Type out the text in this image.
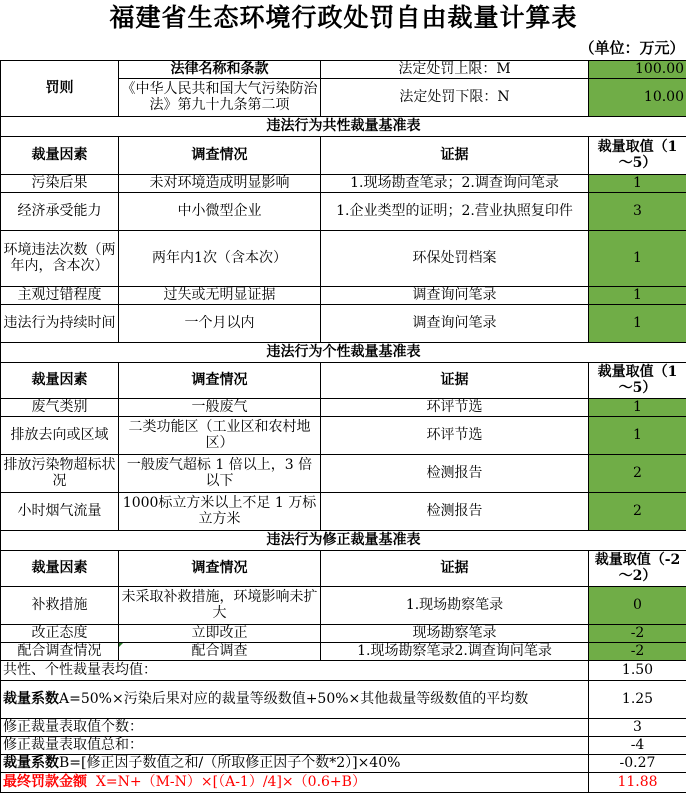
福建省生态环境行政处罚自由裁量计算表			
（单位：万元）			
罚则	法律名称和条款	法定处罚上限：M	100.00
	《中华人民共和国大气污染防治法》第九十九条第二项	法定处罚下限：N	10.00
违法行为共性裁量基准表			
裁量因素	调查情况	证据	裁量取值（1～5）
污染后果	未对环境造成明显影响	1.现场勘查笔录；2.调查询问笔录	1
经济承受能力	中小微型企业	1.企业类型的证明；2.营业执照复印件	3
环境违法次数（两年内，含本次）	两年内1次（含本次）	环保处罚档案	1
主观过错程度	过失或无明显证据	调查询问笔录	1
违法行为持续时间	一个月以内	调查询问笔录	1
违法行为个性裁量基准表			
裁量因素	调查情况	证据	裁量取值（1～5）
废气类别	一般废气	环评节选	1
排放去向或区域	二类功能区（工业区和农村地区）	环评节选	1
排放污染物超标状况	一般废气超标 1 倍以上，3 倍以下	检测报告	2
小时烟气流量	1000标立方米以上不足 1 万标立方米	检测报告	2
违法行为修正裁量基准表			
裁量因素	调查情况	证据	裁量取值（-2～2）
补救措施	未采取补救措施，环境影响未扩大	1.现场勘察笔录	0
改正态度	立即改正	现场勘察笔录	-2
配合调查情况	配合调查	1.现场勘察笔录2.调查询问笔录	-2
共性、个性裁量表均值：			1.50
裁量系数A=50%×污染后果对应的裁量等级数值+50%×其他裁量等级数值的平均数			1.25
修正裁量表取值个数：			3
修正裁量表取值总和：			-4
裁量系数B=[修正因子数值之和/（所取修正因子个数*2）]×40%			-0.27
最终罚款金额 X=N+（M-N）×[（A-1）/4]×（0.6+B）			11.88
